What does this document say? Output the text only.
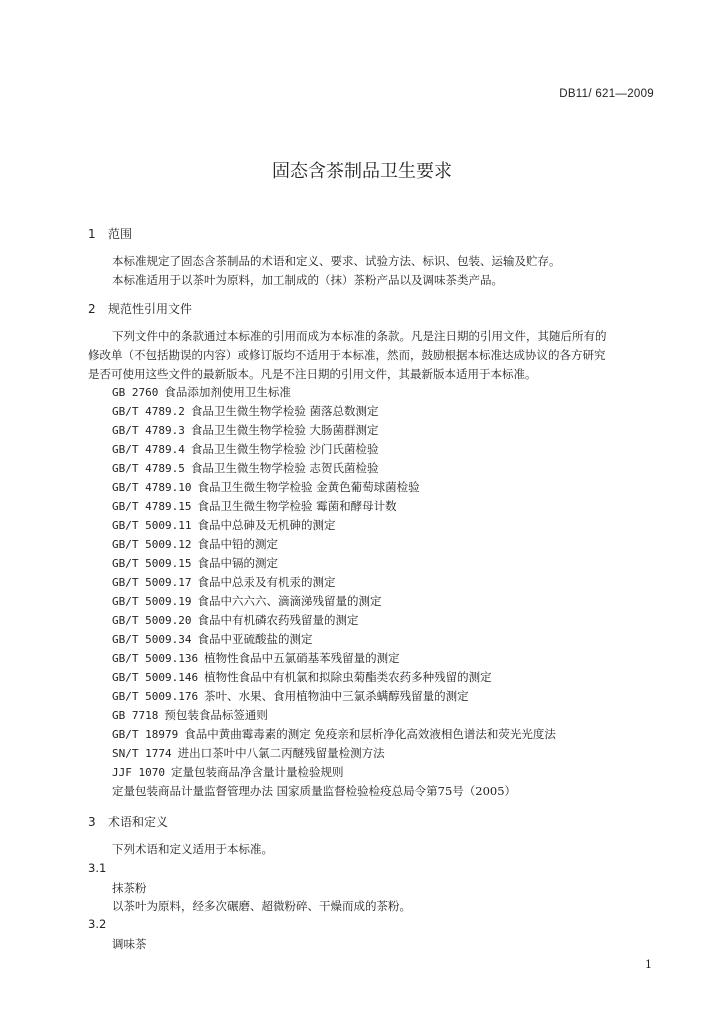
DB11/ 621—2009
固态含茶制品卫生要求
1 范围
本标准规定了固态含茶制品的术语和定义、要求、试验方法、标识、包装、运输及贮存。
本标准适用于以茶叶为原料，加工制成的（抹）茶粉产品以及调味茶类产品。
2 规范性引用文件
下列文件中的条款通过本标准的引用而成为本标准的条款。凡是注日期的引用文件，其随后所有的
修改单（不包括勘误的内容）或修订版均不适用于本标准，然而，鼓励根据本标准达成协议的各方研究
是否可使用这些文件的最新版本。凡是不注日期的引用文件，其最新版本适用于本标准。
GB 2760 食品添加剂使用卫生标准
GB/T 4789.2 食品卫生微生物学检验 菌落总数测定
GB/T 4789.3 食品卫生微生物学检验 大肠菌群测定
GB/T 4789.4 食品卫生微生物学检验 沙门氏菌检验
GB/T 4789.5 食品卫生微生物学检验 志贺氏菌检验
GB/T 4789.10 食品卫生微生物学检验 金黄色葡萄球菌检验
GB/T 4789.15 食品卫生微生物学检验 霉菌和酵母计数
GB/T 5009.11 食品中总砷及无机砷的测定
GB/T 5009.12 食品中铅的测定
GB/T 5009.15 食品中镉的测定
GB/T 5009.17 食品中总汞及有机汞的测定
GB/T 5009.19 食品中六六六、滴滴涕残留量的测定
GB/T 5009.20 食品中有机磷农药残留量的测定
GB/T 5009.34 食品中亚硫酸盐的测定
GB/T 5009.136 植物性食品中五氯硝基苯残留量的测定
GB/T 5009.146 植物性食品中有机氯和拟除虫菊酯类农药多种残留的测定
GB/T 5009.176 茶叶、水果、食用植物油中三氯杀螨醇残留量的测定
GB 7718 预包装食品标签通则
GB/T 18979 食品中黄曲霉毒素的测定 免疫亲和层析净化高效液相色谱法和荧光光度法
SN/T 1774 进出口茶叶中八氯二丙醚残留量检测方法
JJF 1070 定量包装商品净含量计量检验规则
定量包装商品计量监督管理办法 国家质量监督检验检疫总局令第75号（2005）
3 术语和定义
下列术语和定义适用于本标准。
3.1
抹茶粉
以茶叶为原料，经多次碾磨、超微粉碎、干燥而成的茶粉。
3.2
调味茶
1
